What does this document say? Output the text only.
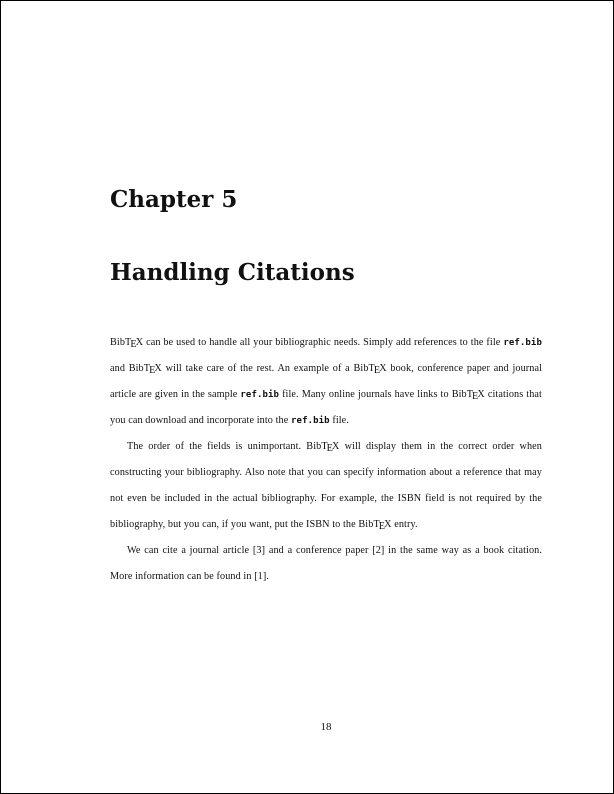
Chapter 5
Handling Citations

BibTEX can be used to handle all your bibliographic needs. Simply add references to the file ref.bib and BibTEX will take care of the rest. An example of a BibTEX book, conference paper and journal article are given in the sample ref.bib file. Many online journals have links to BibTEX citations that you can download and incorporate into the ref.bib file.

The order of the fields is unimportant. BibTEX will display them in the correct order when constructing your bibliography. Also note that you can specify information about a reference that may not even be included in the actual bibliography. For example, the ISBN field is not required by the bibliography, but you can, if you want, put the ISBN to the BibTEX entry.

We can cite a journal article [3] and a conference paper [2] in the same way as a book citation. More information can be found in [1].

18
